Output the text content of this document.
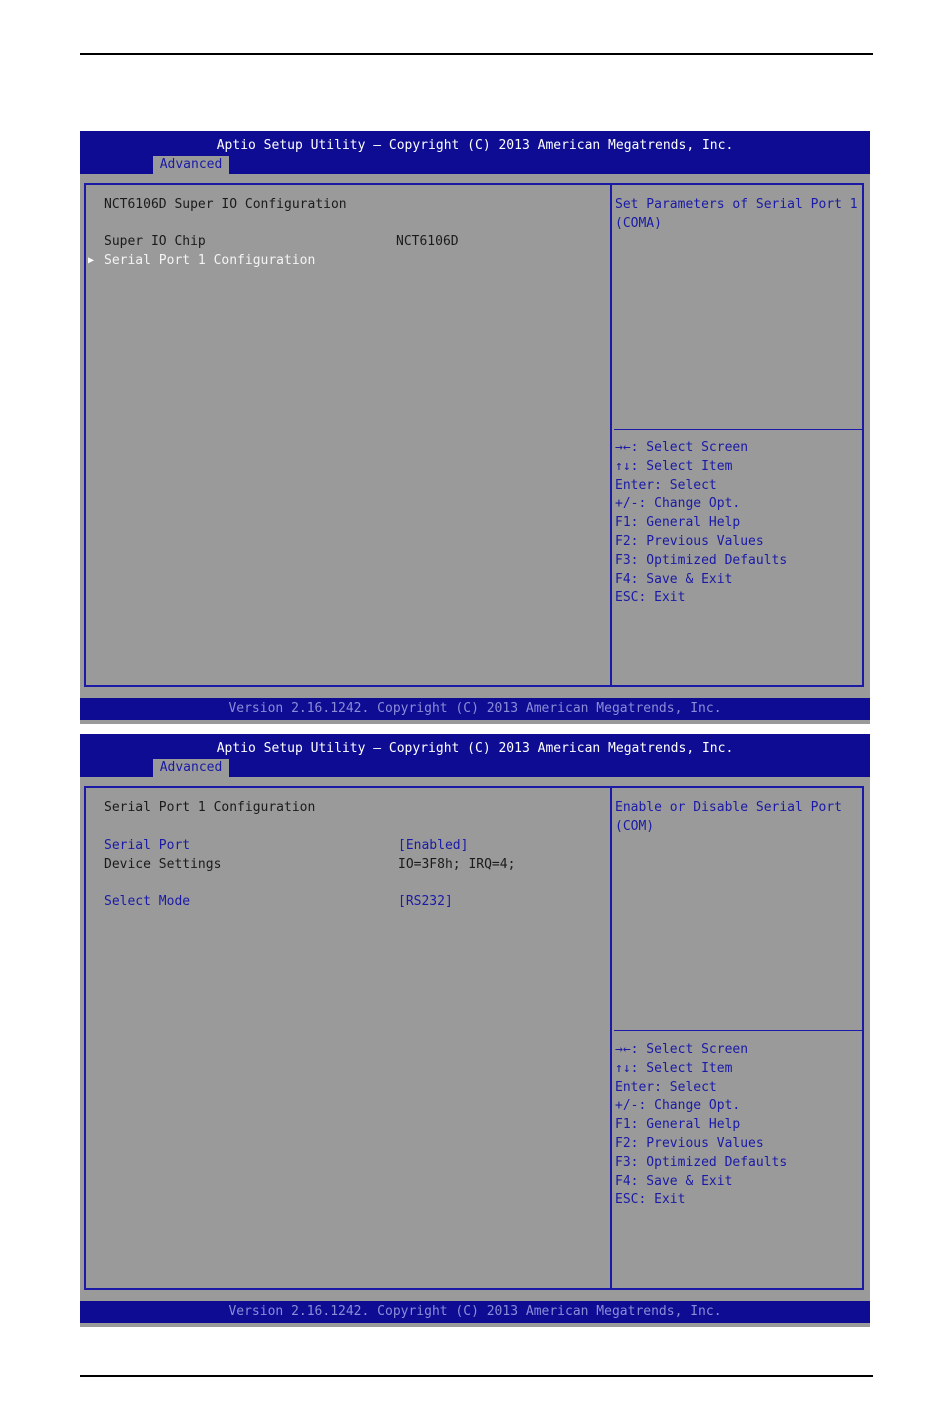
Aptio Setup Utility – Copyright (C) 2013 American Megatrends, Inc.
Advanced
NCT6106D Super IO Configuration
Super IO Chip	NCT6106D
▶ Serial Port 1 Configuration
Set Parameters of Serial Port 1 (COMA)
→←: Select Screen
↑↓: Select Item
Enter: Select
+/-: Change Opt.
F1: General Help
F2: Previous Values
F3: Optimized Defaults
F4: Save & Exit
ESC: Exit
Version 2.16.1242. Copyright (C) 2013 American Megatrends, Inc.
Aptio Setup Utility – Copyright (C) 2013 American Megatrends, Inc.
Advanced
Serial Port 1 Configuration
Serial Port	[Enabled]
Device Settings	IO=3F8h; IRQ=4;
Select Mode	[RS232]
Enable or Disable Serial Port (COM)
→←: Select Screen
↑↓: Select Item
Enter: Select
+/-: Change Opt.
F1: General Help
F2: Previous Values
F3: Optimized Defaults
F4: Save & Exit
ESC: Exit
Version 2.16.1242. Copyright (C) 2013 American Megatrends, Inc.
